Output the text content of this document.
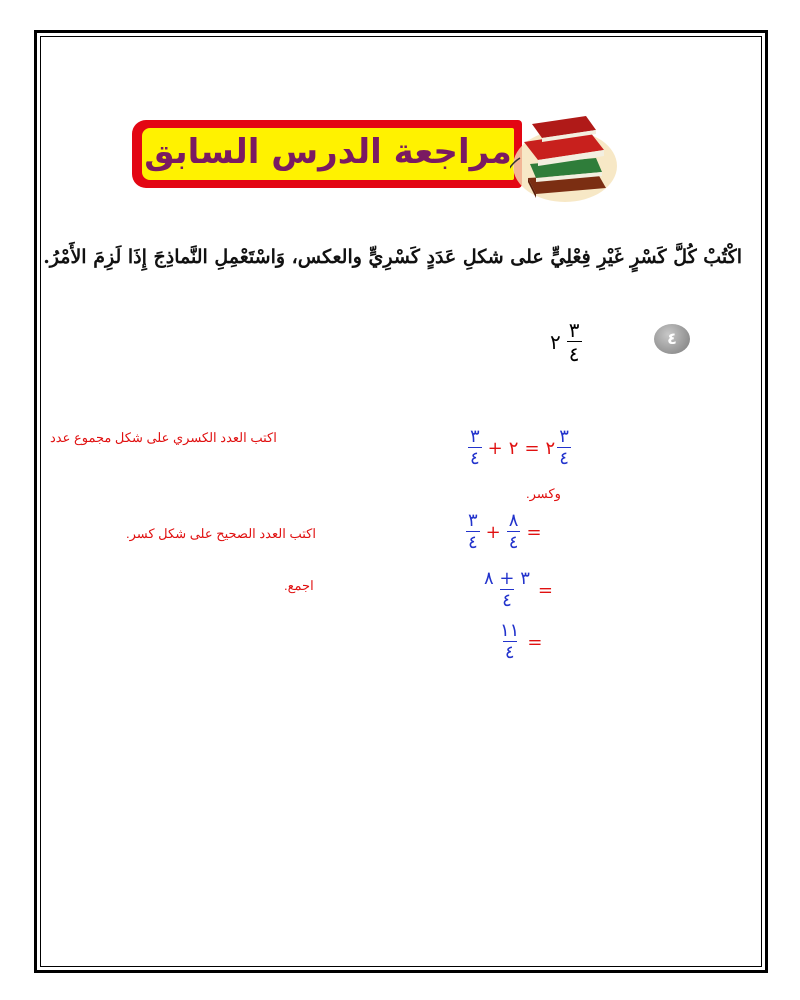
مراجعة الدرس السابق
اكْتُبْ كُلَّ كَسْرٍ غَيْرِ فِعْلِيٍّ على شكلِ عَدَدٍ كَسْرِيٍّ والعكس، وَاسْتَعْمِلِ النَّماذِجَ إِذَا لَزِمَ الأَمْرُ.
٢ $\frac{٣}{٤}$	٤
$\frac{٣}{٤}$ + ٢ = ٢ $\frac{٣}{٤}$
$\frac{٣}{٤} + \frac{٨}{٤}$ =
$\frac{٣ + ٨}{٤}$ =
$\frac{١١}{٤}$ =
اكتب العدد الكسري على شكل مجموع عدد
وكسر.
اكتب العدد الصحيح على شكل كسر.
اجمع.
